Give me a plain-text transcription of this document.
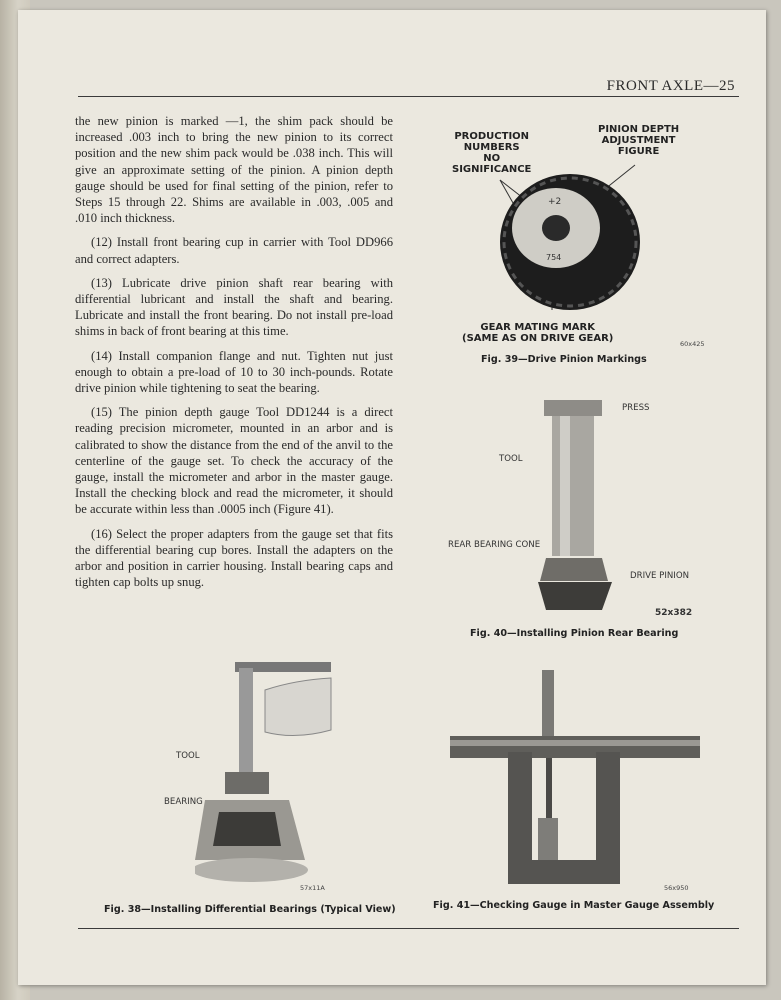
FRONT AXLE—25

the new pinion is marked —1, the shim pack should be increased .003 inch to bring the new pinion to its correct position and the new shim pack would be .038 inch. This will give an approximate setting of the pinion. A pinion depth gauge should be used for final setting of the pinion, refer to Steps 15 through 22. Shims are available in .003, .005 and .010 inch thickness.

(12) Install front bearing cup in carrier with Tool DD966 and correct adapters.

(13) Lubricate drive pinion shaft rear bearing with differential lubricant and install the shaft and bearing. Lubricate and install the front bearing. Do not install pre-load shims in back of front bearing at this time.

(14) Install companion flange and nut. Tighten nut just enough to obtain a pre-load of 10 to 30 inch-pounds. Rotate drive pinion while tightening to seat the bearing.

(15) The pinion depth gauge Tool DD1244 is a direct reading precision micrometer, mounted in an arbor and is calibrated to show the distance from the end of the anvil to the centerline of the gauge set. To check the accuracy of the gauge, install the micrometer and arbor in the master gauge. Install the checking block and read the micrometer, it should be accurate within less than .0005 inch (Figure 41).

(16) Select the proper adapters from the gauge set that fits the differential bearing cup bores. Install the adapters on the arbor and position in carrier housing. Install bearing caps and tighten cap bolts up snug.

PRODUCTION
NUMBERS
NO
SIGNIFICANCE
PINION DEPTH
ADJUSTMENT
FIGURE
+2
754
GEAR MATING MARK
(SAME AS ON DRIVE GEAR)	60x425
Fig. 39—Drive Pinion Markings
PRESS
TOOL
REAR BEARING CONE
DRIVE PINION
52x382
Fig. 40—Installing Pinion Rear Bearing
TOOL
BEARING
57x11A
Fig. 38—Installing Differential Bearings (Typical View)
56x950
Fig. 41—Checking Gauge in Master Gauge Assembly
